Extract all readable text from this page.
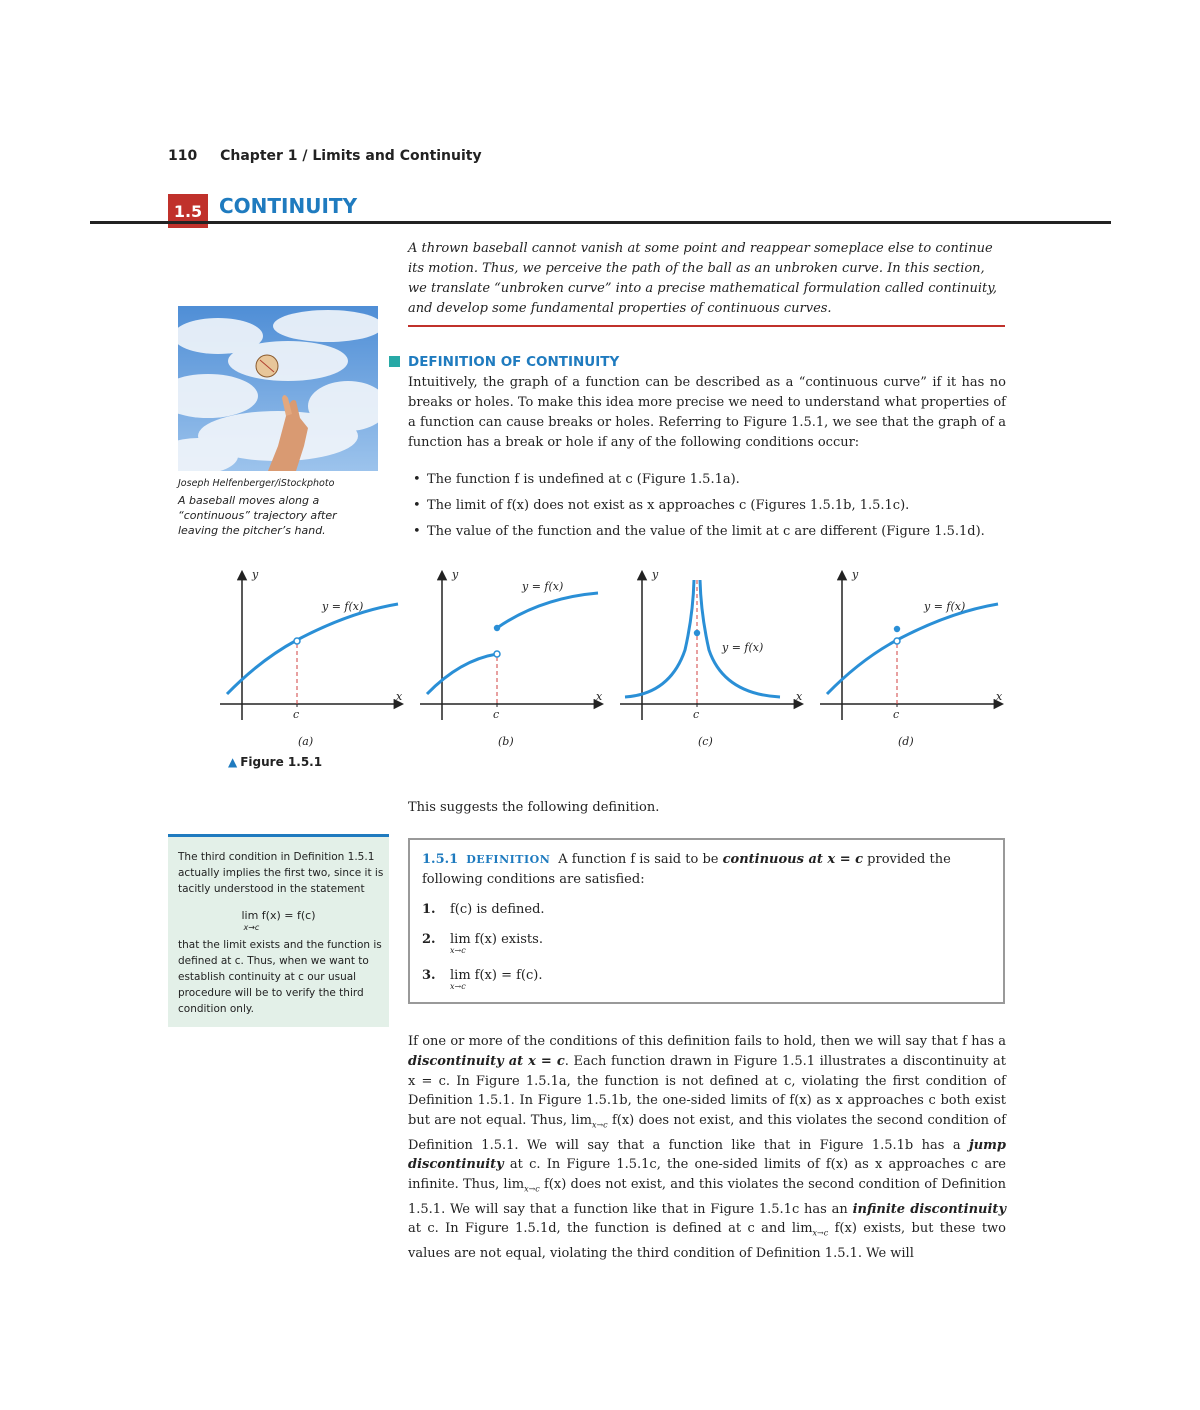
110 Chapter 1 / Limits and Continuity
1.5 CONTINUITY
A thrown baseball cannot vanish at some point and reappear someplace else to continue its motion. Thus, we perceive the path of the ball as an unbroken curve. In this section, we translate “unbroken curve” into a precise mathematical formulation called continuity, and develop some fundamental properties of continuous curves.
Joseph Helfenberger/iStockphoto
A baseball moves along a “continuous” trajectory after leaving the pitcher’s hand.
DEFINITION OF CONTINUITY
Intuitively, the graph of a function can be described as a “continuous curve” if it has no breaks or holes. To make this idea more precise we need to understand what properties of a function can cause breaks or holes. Referring to Figure 1.5.1, we see that the graph of a function has a break or hole if any of the following conditions occur:
• The function f is undefined at c (Figure 1.5.1a).
• The limit of f(x) does not exist as x approaches c (Figures 1.5.1b, 1.5.1c).
• The value of the function and the value of the limit at c are different (Figure 1.5.1d).
y
x
c
(a)
y = f(x)
y
x
c
(b)
y = f(x)
y
x
c
(c)
y = f(x)
y
x
c
(d)
y = f(x)
▲ Figure 1.5.1
This suggests the following definition.
The third condition in Definition 1.5.1 actually implies the first two, since it is tacitly understood in the statement
lim f(x) = f(c)
x→c
that the limit exists and the function is defined at c. Thus, when we want to establish continuity at c our usual procedure will be to verify the third condition only.
1.5.1 DEFINITION A function f is said to be continuous at x = c provided the following conditions are satisfied:
1. f(c) is defined.
2. lim
x→c
f(x) exists.
3. lim
x→c
f(x) = f(c).
If one or more of the conditions of this definition fails to hold, then we will say that f has a discontinuity at x = c. Each function drawn in Figure 1.5.1 illustrates a discontinuity at x = c. In Figure 1.5.1a, the function is not defined at c, violating the first condition of Definition 1.5.1. In Figure 1.5.1b, the one-sided limits of f(x) as x approaches c both exist but are not equal. Thus, $\lim_{x\to c} f(x)$ does not exist, and this violates the second condition of Definition 1.5.1. We will say that a function like that in Figure 1.5.1b has a jump discontinuity at c. In Figure 1.5.1c, the one-sided limits of f(x) as x approaches c are infinite. Thus, $\lim_{x\to c} f(x)$ does not exist, and this violates the second condition of Definition 1.5.1. We will say that a function like that in Figure 1.5.1c has an infinite discontinuity at c. In Figure 1.5.1d, the function is defined at c and $\lim_{x\to c} f(x)$ exists, but these two values are not equal, violating the third condition of Definition 1.5.1. We will
